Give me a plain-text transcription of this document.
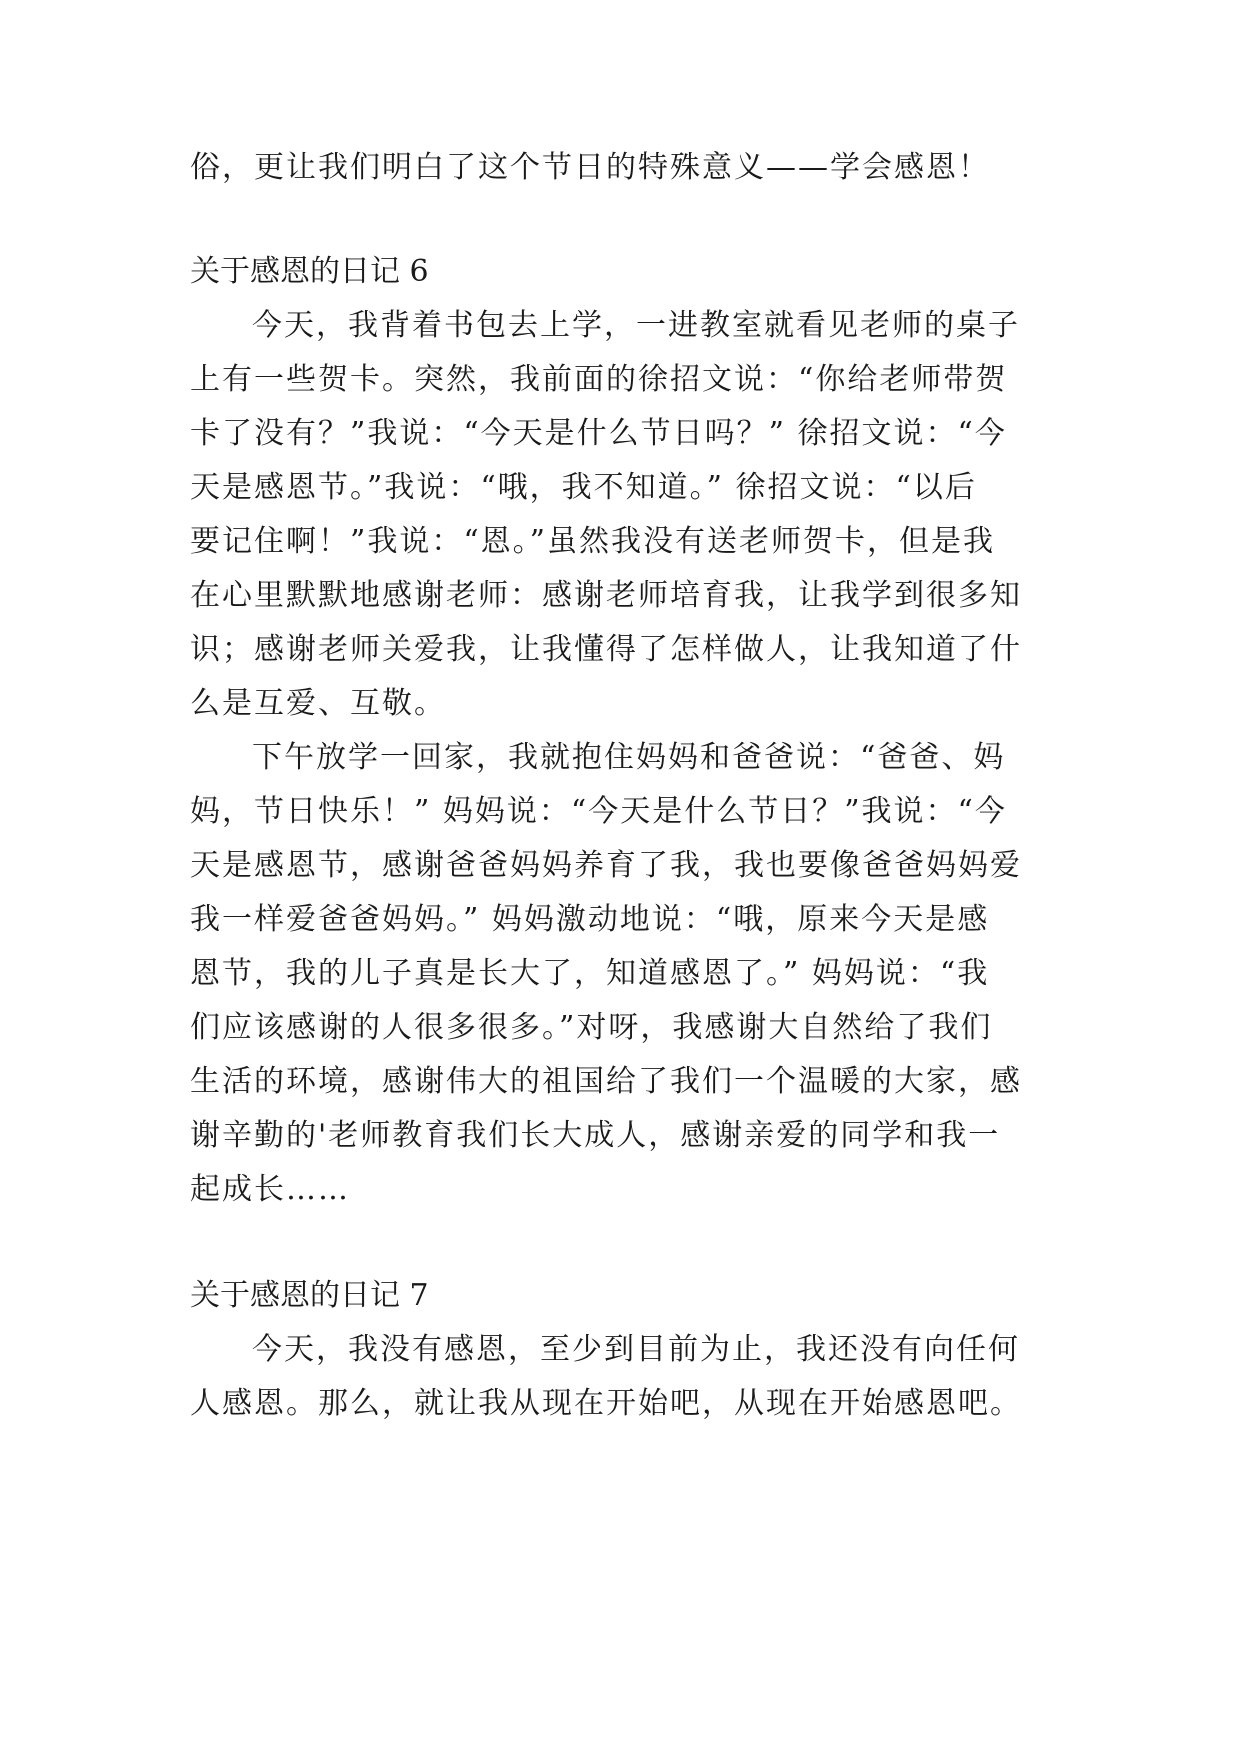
俗，更让我们明白了这个节日的特殊意义——学会感恩！
关于感恩的日记 6
今天，我背着书包去上学，一进教室就看见老师的桌子
上有一些贺卡。突然，我前面的徐招文说：“你给老师带贺
卡了没有？”我说：“今天是什么节日吗？” 徐招文说：“今
天是感恩节。”我说：“哦，我不知道。” 徐招文说：“以后
要记住啊！”我说：“恩。”虽然我没有送老师贺卡，但是我
在心里默默地感谢老师：感谢老师培育我，让我学到很多知
识；感谢老师关爱我，让我懂得了怎样做人，让我知道了什
么是互爱、互敬。
下午放学一回家，我就抱住妈妈和爸爸说：“爸爸、妈
妈，节日快乐！” 妈妈说：“今天是什么节日？”我说：“今
天是感恩节，感谢爸爸妈妈养育了我，我也要像爸爸妈妈爱
我一样爱爸爸妈妈。” 妈妈激动地说：“哦，原来今天是感
恩节，我的儿子真是长大了，知道感恩了。” 妈妈说：“我
们应该感谢的人很多很多。”对呀，我感谢大自然给了我们
生活的环境，感谢伟大的祖国给了我们一个温暖的大家，感
谢辛勤的'老师教育我们长大成人，感谢亲爱的同学和我一
起成长……
关于感恩的日记 7
今天，我没有感恩，至少到目前为止，我还没有向任何
人感恩。那么，就让我从现在开始吧，从现在开始感恩吧。
